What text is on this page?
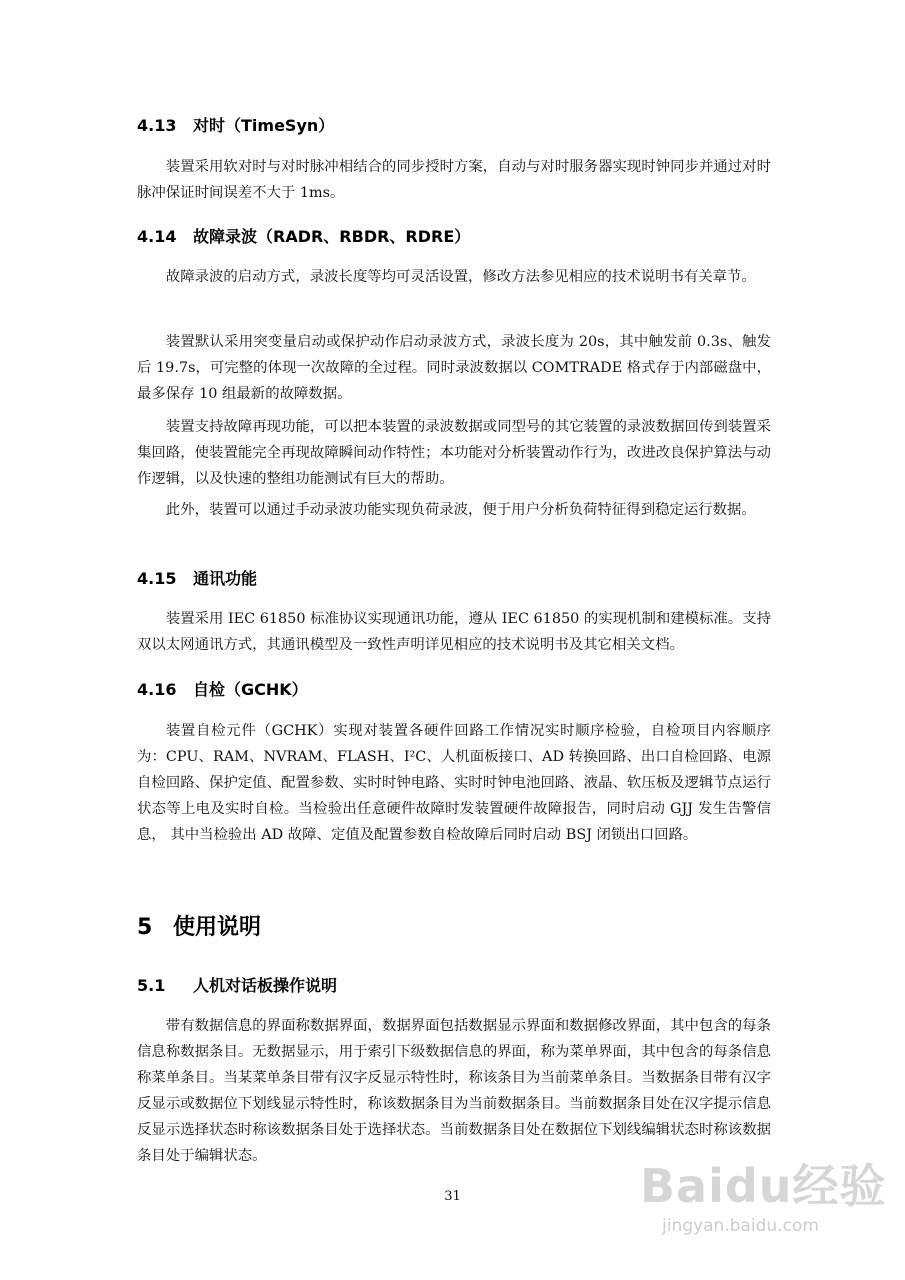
4.13 对时（TimeSyn）

装置采用软对时与对时脉冲相结合的同步授时方案，自动与对时服务器实现时钟同步并通过对时脉冲保证时间误差不大于 1ms。

4.14 故障录波（RADR、RBDR、RDRE）

故障录波的启动方式，录波长度等均可灵活设置，修改方法参见相应的技术说明书有关章节。

装置默认采用突变量启动或保护动作启动录波方式，录波长度为 20s，其中触发前 0.3s、触发后 19.7s，可完整的体现一次故障的全过程。同时录波数据以 COMTRADE 格式存于内部磁盘中，最多保存 10 组最新的故障数据。

装置支持故障再现功能，可以把本装置的录波数据或同型号的其它装置的录波数据回传到装置采集回路，使装置能完全再现故障瞬间动作特性；本功能对分析装置动作行为，改进改良保护算法与动作逻辑，以及快速的整组功能测试有巨大的帮助。

此外，装置可以通过手动录波功能实现负荷录波，便于用户分析负荷特征得到稳定运行数据。

4.15 通讯功能

装置采用 IEC 61850 标准协议实现通讯功能，遵从 IEC 61850 的实现机制和建模标准。支持双以太网通讯方式，其通讯模型及一致性声明详见相应的技术说明书及其它相关文档。

4.16 自检（GCHK）

装置自检元件（GCHK）实现对装置各硬件回路工作情况实时顺序检验，自检项目内容顺序为：CPU、RAM、NVRAM、FLASH、I²C、人机面板接口、AD 转换回路、出口自检回路、电源自检回路、保护定值、配置参数、实时时钟电路、实时时钟电池回路、液晶、软压板及逻辑节点运行状态等上电及实时自检。当检验出任意硬件故障时发装置硬件故障报告，同时启动 GJJ 发生告警信息， 其中当检验出 AD 故障、定值及配置参数自检故障后同时启动 BSJ 闭锁出口回路。

5 使用说明
5.1 人机对话板操作说明

带有数据信息的界面称数据界面，数据界面包括数据显示界面和数据修改界面，其中包含的每条信息称数据条目。无数据显示，用于索引下级数据信息的界面，称为菜单界面，其中包含的每条信息称菜单条目。当某菜单条目带有汉字反显示特性时，称该条目为当前菜单条目。当数据条目带有汉字反显示或数据位下划线显示特性时，称该数据条目为当前数据条目。当前数据条目处在汉字提示信息反显示选择状态时称该数据条目处于选择状态。当前数据条目处在数据位下划线编辑状态时称该数据条目处于编辑状态。

31	Baidu经验
jingyan.baidu.com
